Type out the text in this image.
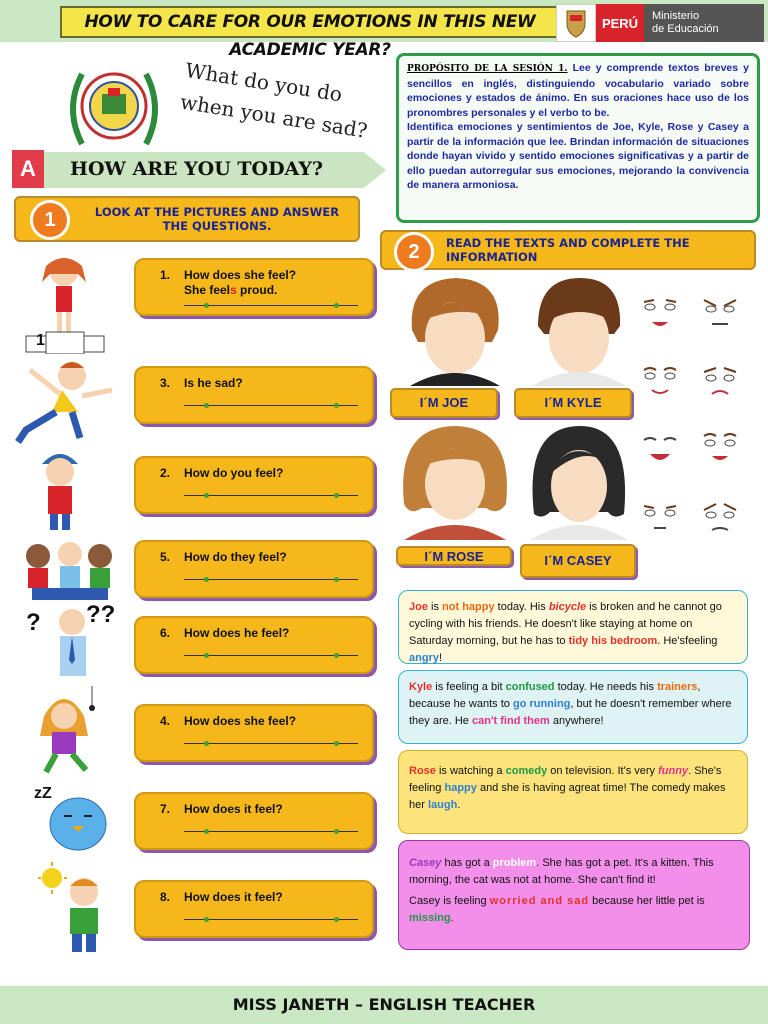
HOW TO CARE FOR OUR EMOTIONS IN THIS NEW ACADEMIC YEAR?
PERÚ	Ministerio
de Educación
What do you do when you are sad?
PROPÓSITO DE LA SESIÓN 1. Lee y comprende textos breves y sencillos en inglés, distinguiendo vocabulario variado sobre emociones y estados de ánimo. En sus oraciones hace uso de los pronombres personales y el verbo to be.
Identifica emociones y sentimientos de Joe, Kyle, Rose y Casey a partir de la información que lee. Brindan información de situaciones donde hayan vivido y sentido emociones significativas y a partir de ello puedan autorregular sus emociones, mejorando la convivencia de manera armoniosa.
A	HOW ARE YOU TODAY?
1	LOOK AT THE PICTURES AND ANSWER THE QUESTIONS.
2	READ THE TEXTS AND COMPLETE THE INFORMATION
1.	How does she feel?
She feels proud.
3.	Is he sad?
2.	How do you feel?
5.	How do they feel?
6.	How does he feel?
4.	How does she feel?
7.	How does it feel?
8.	How does it feel?
1
? ??
zZ
I´M JOE	I´M KYLE
I´M ROSE	I´M CASEY
Joe is not happy today. His bicycle is broken and he cannot go cycling with his friends. He doesn't like staying at home on Saturday morning, but he has to tidy his bedroom. He'sfeeling angry!
Kyle is feeling a bit confused today. He needs his trainers, because he wants to go running, but he doesn't remember where they are. He can't find them anywhere!
Rose is watching a comedy on television. It's very funny. She's feeling happy and she is having agreat time! The comedy makes her laugh.
Casey has got a problem. She has got a pet. It's a kitten. This morning, the cat was not at home. She can't find it!
Casey is feeling worried and sad because her little pet is missing.
MISS JANETH – ENGLISH TEACHER
